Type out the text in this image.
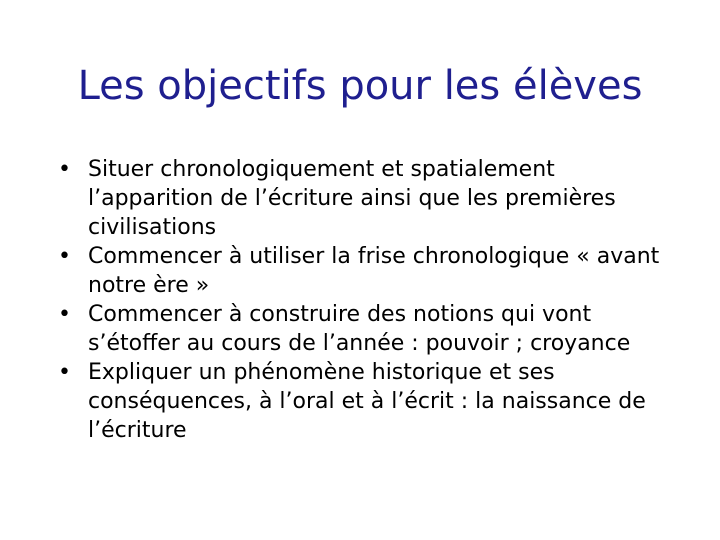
Les objectifs pour les élèves
• Situer chronologiquement et spatialement l’apparition de l’écriture ainsi que les premières civilisations
• Commencer à utiliser la frise chronologique « avant notre ère »
• Commencer à construire des notions qui vont s’étoffer au cours de l’année : pouvoir ; croyance
• Expliquer un phénomène historique et ses conséquences, à l’oral et à l’écrit : la naissance de l’écriture
